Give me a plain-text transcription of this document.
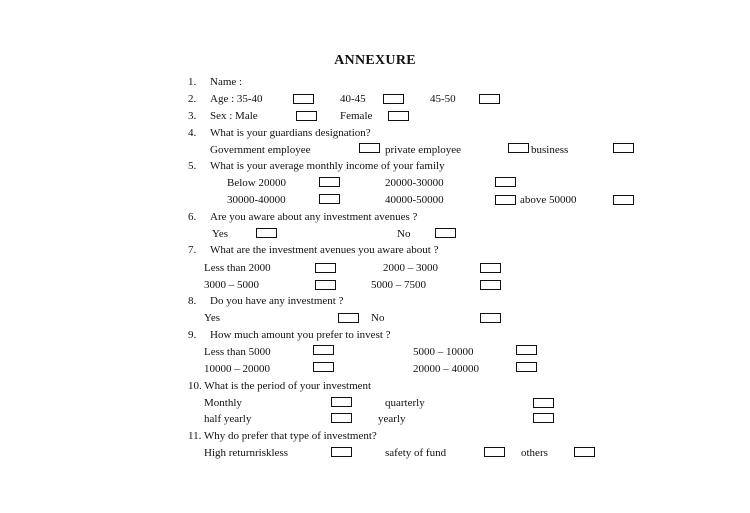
ANNEXURE
1. Name :
2. Age : 35-40	40-45	45-50
3. Sex : Male	Female
4. What is your guardians designation?
Government employee	private employee	business
5. What is your average monthly income of your family
Below 20000	20000-30000
30000-40000	40000-50000	above 50000
6. Are you aware about any investment avenues ?
Yes	No
7. What are the investment avenues you aware about ?
Less than 2000	2000 – 3000
3000 – 5000	5000 – 7500
8. Do you have any investment ?
Yes	No
9. How much amount you prefer to invest ?
Less than 5000	5000 – 10000
10000 – 20000	20000 – 40000
10. What is the period of your investment
Monthly	quarterly
half yearly	yearly
11. Why do prefer that type of investment?
High returnriskless	safety of fund	others
